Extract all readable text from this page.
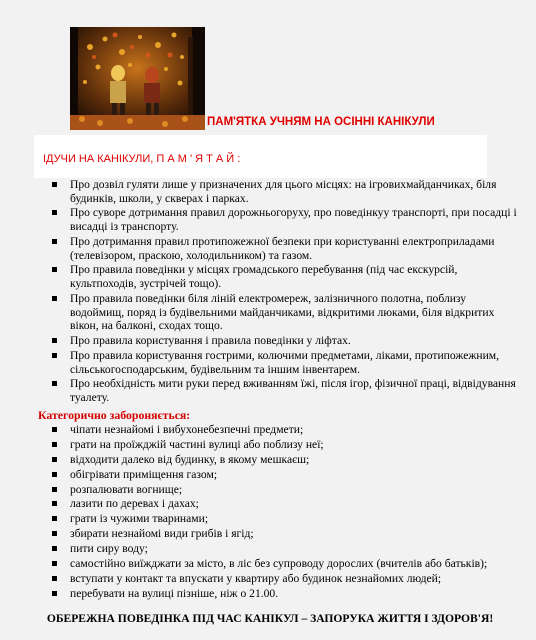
ПАМ'ЯТКА УЧНЯМ НА ОСІННІ КАНІКУЛИ
ІДУЧИ НА КАНІКУЛИ, П А М ' Я Т А Й :
Про дозвіл гуляти лише у призначених для цього місцях: на ігровихмайданчиках, біля будинків, школи, у скверах і парках.
Про суворе дотримання правил дорожньогоруху, про поведінкуу транспорті, при посадці і висадці із транспорту.
Про дотримання правил протипожежної безпеки при користуванні електроприладами (телевізором, праскою, холодильником) та газом.
Про правила поведінки у місцях громадського перебування (під час екскурсій, культпоходів, зустрічей тощо).
Про правила поведінки біля ліній електромереж, залізничного полотна, поблизу водоймищ, поряд із будівельними майданчиками, відкритими люками, біля відкритих вікон, на балконі, сходах тощо.
Про правила користування і правила поведінки у ліфтах.
Про правила користування гострими, колючими предметами, ліками, протипожежним, сільськогосподарським, будівельним та іншим інвентарем.
Про необхідність мити руки перед вживанням їжі, після ігор, фізичної праці, відвідування туалету.
Категорично забороняється:
чіпати незнайомі і вибухонебезпечні предмети;
грати на проїжджій частині вулиці або поблизу неї;
відходити далеко від будинку, в якому мешкаєш;
обігрівати приміщення газом;
розпалювати вогнище;
лазити по деревах і дахах;
грати із чужими тваринами;
збирати незнайомі види грибів і ягід;
пити сиру воду;
самостійно виїжджати за місто, в ліс без супроводу дорослих (вчителів або батьків);
вступати у контакт та впускати у квартиру або будинок незнайомих людей;
перебувати на вулиці пізніше, ніж о 21.00.
ОБЕРЕЖНА ПОВЕДІНКА ПІД ЧАС КАНІКУЛ – ЗАПОРУКА ЖИТТЯ І ЗДОРОВ'Я!
